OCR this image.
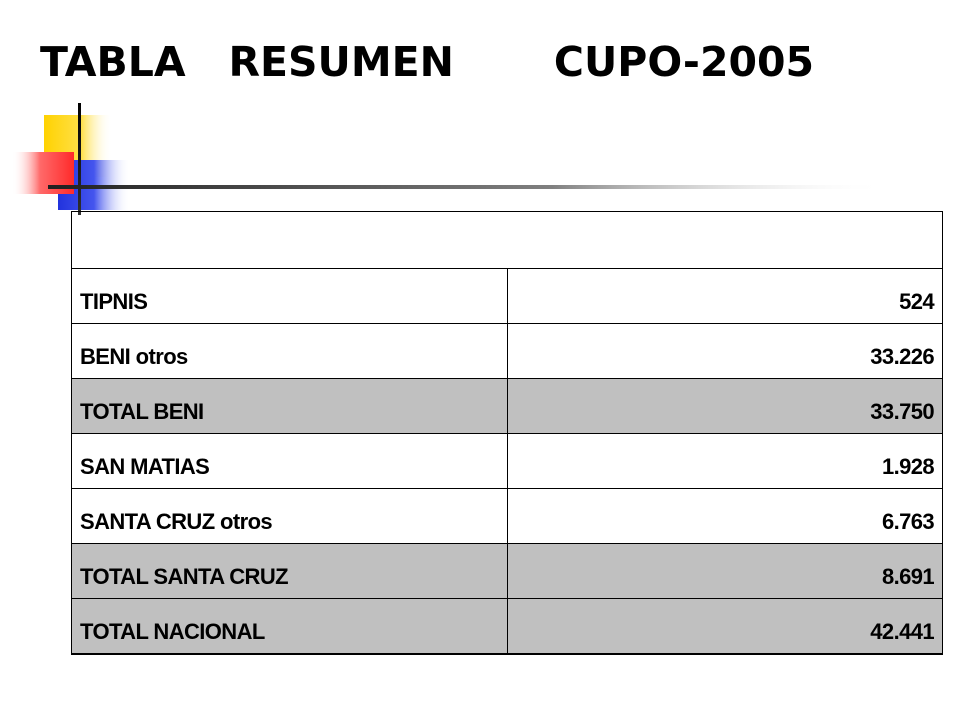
TABLA   RESUMEN       CUPO-2005

TIPNIS	524
BENI otros	33.226
TOTAL BENI	33.750
SAN MATIAS	1.928
SANTA CRUZ otros	6.763
TOTAL SANTA CRUZ	8.691
TOTAL NACIONAL	42.441
